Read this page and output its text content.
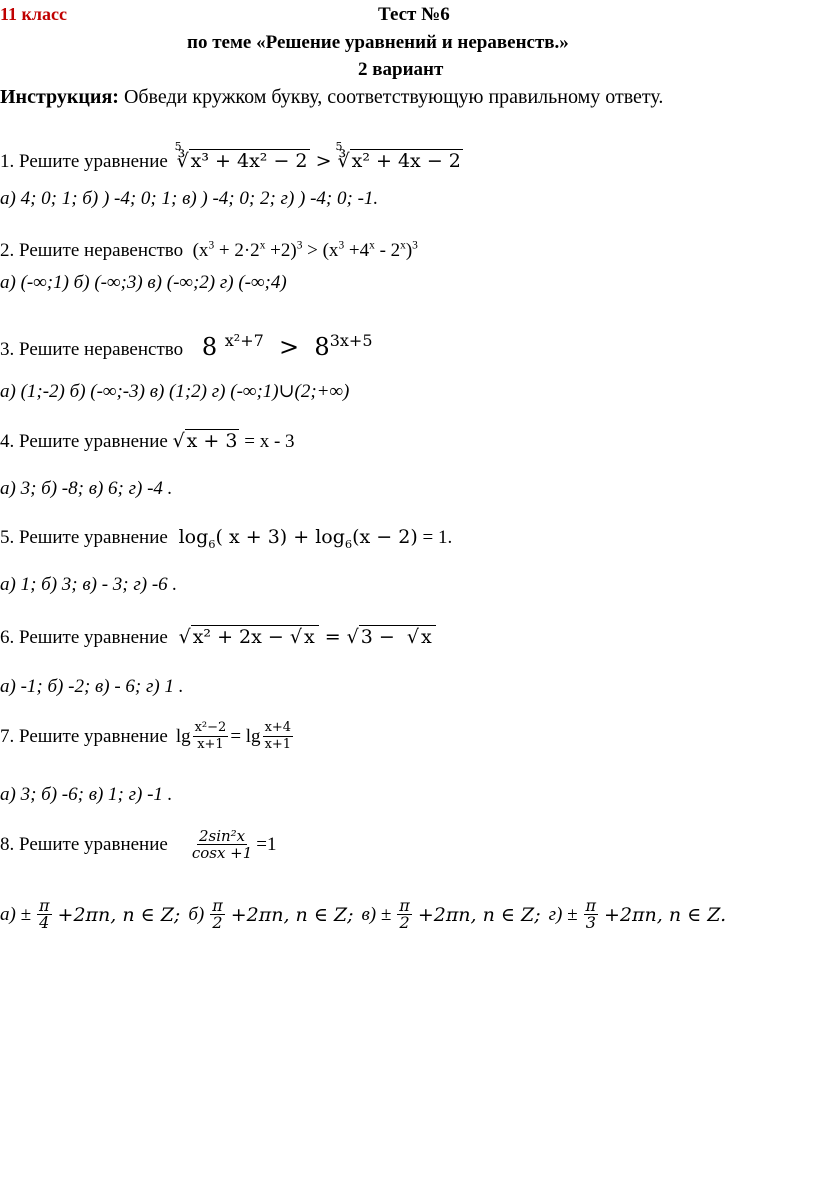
11 класс	Тест №6
по теме «Решение уравнений и неравенств.»
2 вариант
Инструкция: Обведи кружком букву, соответствующую правильному ответу.
1. Решите уравнение
5
∛ x³ + 4x² − 2 >
5
∛ x² + 4x − 2
а) 4; 0; 1; б) ) -4; 0; 1; в) ) -4; 0; 2; г) ) -4; 0; -1.
2. Решите неравенство  $(x^3 + 2\cdot 2^x +2)^3 > (x^3 +4^x - 2^x)^3$
а) (-∞;1) б) (-∞;3) в) (-∞;2) г) (-∞;4)
3. Решите неравенство 8 $^{x^2+7} > 8^{3x+5}$
а) (1;-2) б) (-∞;-3) в) (1;2) г) (-∞;1)∪(2;+∞)
4. Решите уравнение √ x + 3 = x - 3
а) 3; б) -8; в) 6; г) -4 .
5. Решите уравнение  $\log_6$( $x + 3) + \log_6(x - 2) = 1$.
а) 1; б) 3; в) - 3; г) -6 .
6. Решите уравнение  √ x² + 2x − √ x = √ 3 −  √ x
а) -1; б) -2; в) - 6; г) 1 .
7. Решите уравнение $\lg \frac{\text{x²−2}}{x+1} = \lg \frac{x+4}{x+1}$
а) 3; б) -6; в) 1; г) -1 .
8. Решите уравнение $\frac{\text{2sin²x}}{\cos x +1} =1$
$а) \pm \frac{\pi}{4} +2\pi n$, n ∈ Z; $б) \frac{\pi}{2} +2\pi n$, n ∈ Z; $в) \pm \frac{\pi}{2} +2\pi n$, n ∈ Z; $г) \pm \frac{\pi}{3} +2\pi n$, n ∈ Z.
